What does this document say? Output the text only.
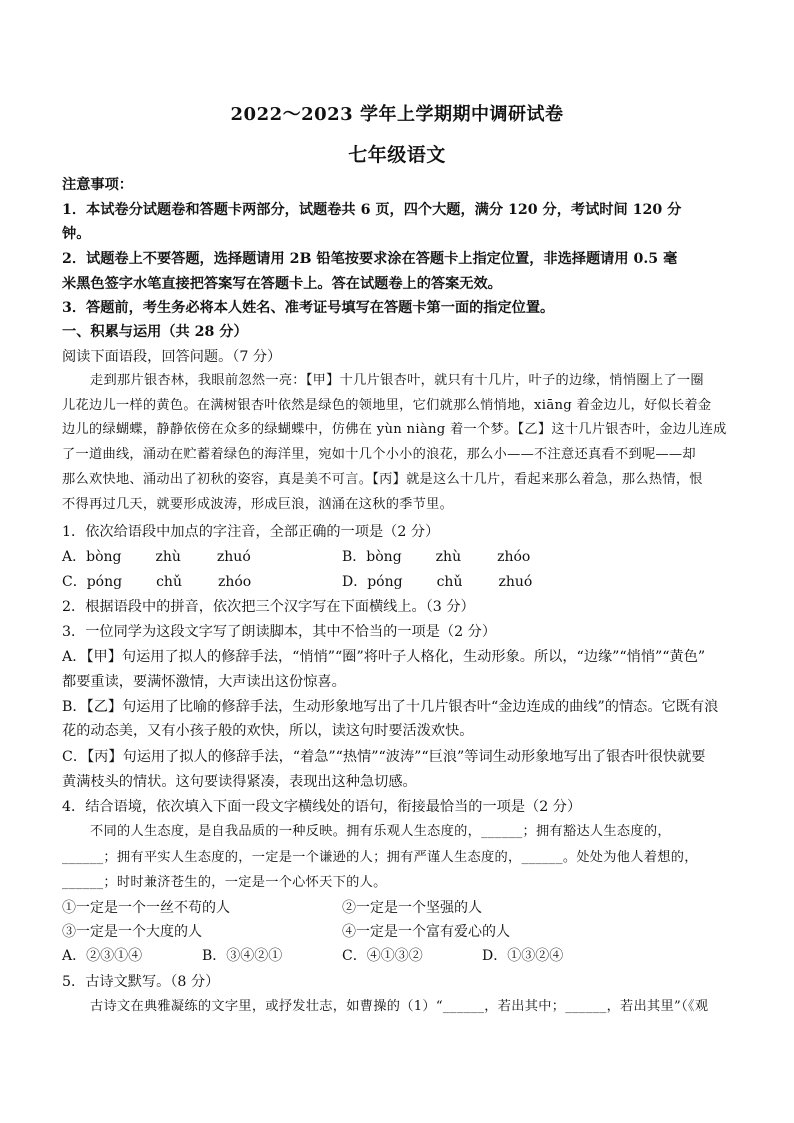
2022～2023 学年上学期期中调研试卷
七年级语文
注意事项：
1．本试卷分试题卷和答题卡两部分，试题卷共 6 页，四个大题，满分 120 分，考试时间 120 分
钟。
2．试题卷上不要答题，选择题请用 2B 铅笔按要求涂在答题卡上指定位置，非选择题请用 0.5 毫
米黑色签字水笔直接把答案写在答题卡上。答在试题卷上的答案无效。
3．答题前，考生务必将本人姓名、准考证号填写在答题卡第一面的指定位置。
一、积累与运用（共 28 分）
阅读下面语段，回答问题。（7 分）
走到那片银杏林，我眼前忽然一亮：【甲】十几片银杏叶，就只有十几片，叶子的边缘，悄悄圈上了一圈
儿花边儿一样的黄色。在满树银杏叶依然是绿色的领地里，它们就那么悄悄地，xiāng 着金边儿，好似长着金
边儿的绿蝴蝶，静静依傍在众多的绿蝴蝶中，仿佛在 yùn niàng 着一个梦。【乙】这十几片银杏叶，金边儿连成
了一道曲线，涌动在贮蓄着绿色的海洋里，宛如十几个小小的浪花，那么小——不注意还真看不到呢——却
那么欢快地、涌动出了初秋的姿容，真是美不可言。【丙】就是这么十几片，看起来那么着急，那么热情，恨
不得再过几天，就要形成波涛，形成巨浪，汹涌在这秋的季节里。
1．依次给语段中加点的字注音，全部正确的一项是（2 分）
A．bòng zhù	zhuó	B．bòng zhù	zhóo
C．póng chǔ	zhóo	D．póng chǔ	zhuó
2．根据语段中的拼音，依次把三个汉字写在下面横线上。（3 分）
3．一位同学为这段文字写了朗读脚本，其中不恰当的一项是（2 分）
A．【甲】句运用了拟人的修辞手法，“悄悄”“圈”将叶子人格化，生动形象。所以，“边缘”“悄悄”“黄色”
都要重读，要满怀激情，大声读出这份惊喜。
B．【乙】句运用了比喻的修辞手法，生动形象地写出了十几片银杏叶“金边连成的曲线”的情态。它既有浪
花的动态美，又有小孩子般的欢快，所以，读这句时要活泼欢快。
C．【丙】句运用了拟人的修辞手法，“着急”“热情”“波涛”“巨浪”等词生动形象地写出了银杏叶很快就要
黄满枝头的情状。这句要读得紧凑，表现出这种急切感。
4．结合语境，依次填入下面一段文字横线处的语句，衔接最恰当的一项是（2 分）
不同的人生态度，是自我品质的一种反映。拥有乐观人生态度的，______；拥有豁达人生态度的，
______；拥有平实人生态度的，一定是一个谦逊的人；拥有严谨人生态度的，______。处处为他人着想的，
______；时时兼济苍生的，一定是一个心怀天下的人。
①一定是一个一丝不苟的人	②一定是一个坚强的人
③一定是一个大度的人	④一定是一个富有爱心的人
A．②③①④	B．③④②①	C．④①③②	D．①③②④
5．古诗文默写。（8 分）
古诗文在典雅凝练的文字里，或抒发壮志，如曹操的（1）“______，若出其中；______，若出其里”（《观
